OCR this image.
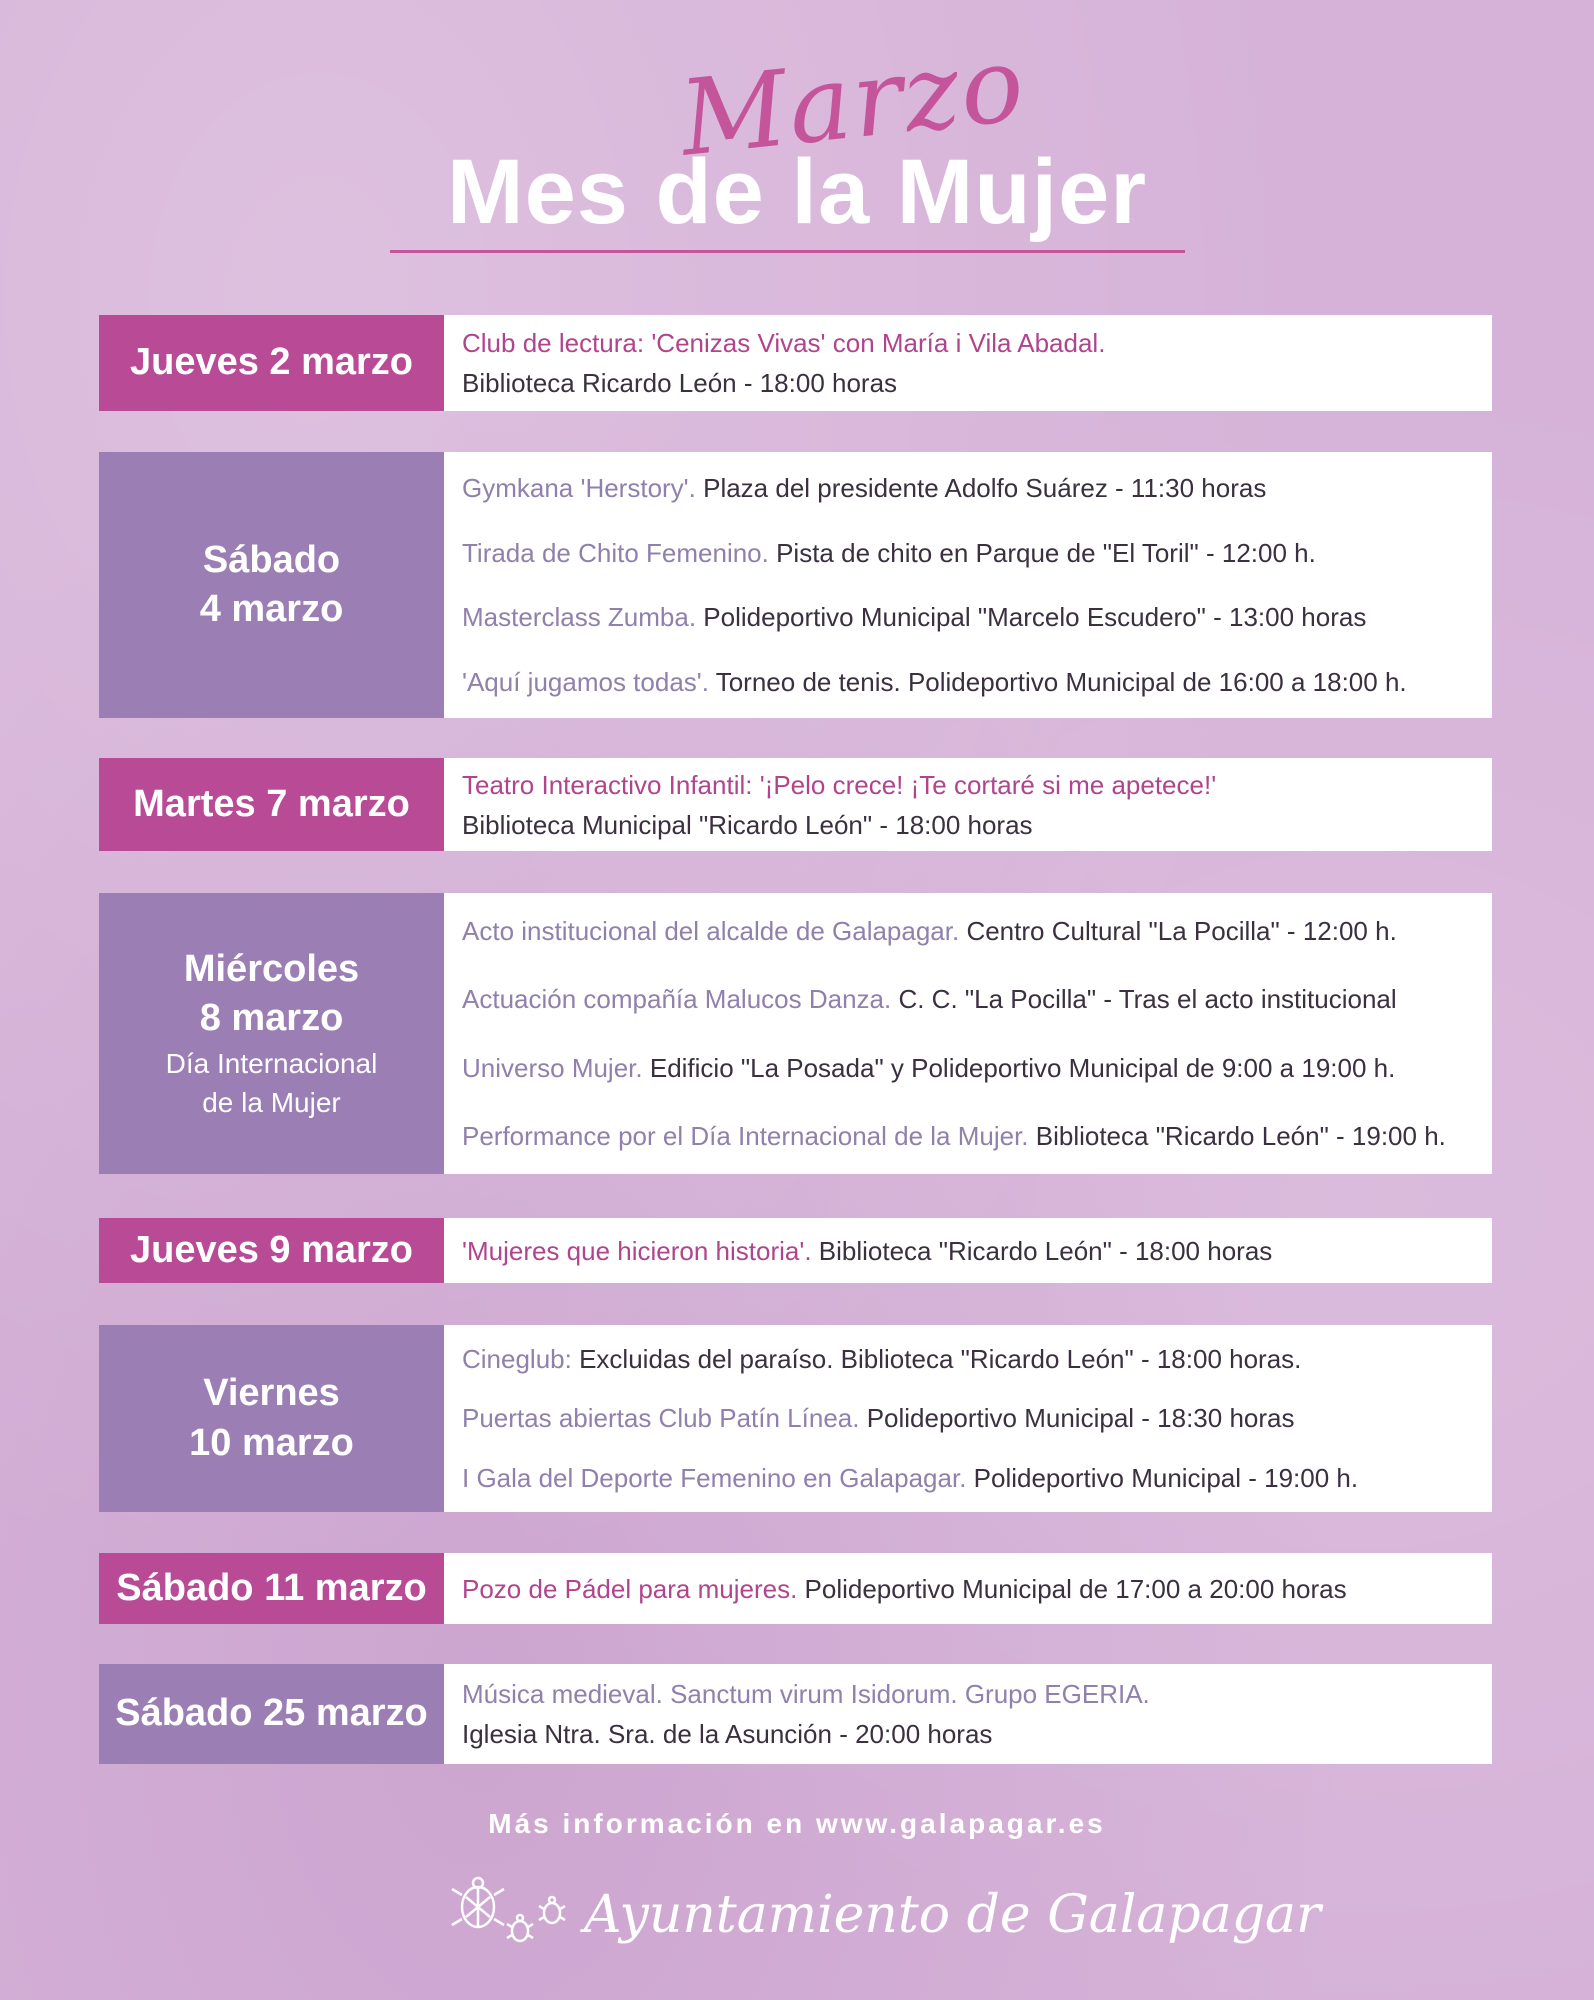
Marzo
Mes de la Mujer
Jueves 2 marzo Club de lectura: 'Cenizas Vivas' con María i Vila Abadal.
Biblioteca Ricardo León - 18:00 horas
Sábado
4 marzo
Gymkana 'Herstory'. Plaza del presidente Adolfo Suárez - 11:30 horas
Tirada de Chito Femenino. Pista de chito en Parque de "El Toril" - 12:00 h.
Masterclass Zumba. Polideportivo Municipal "Marcelo Escudero" - 13:00 horas
'Aquí jugamos todas'. Torneo de tenis. Polideportivo Municipal de 16:00 a 18:00 h.
Martes 7 marzo Teatro Interactivo Infantil: '¡Pelo crece! ¡Te cortaré si me apetece!'
Biblioteca Municipal "Ricardo León" - 18:00 horas
Miércoles
8 marzo
Día Internacional
de la Mujer
Acto institucional del alcalde de Galapagar. Centro Cultural "La Pocilla" - 12:00 h.
Actuación compañía Malucos Danza. C. C. "La Pocilla" - Tras el acto institucional
Universo Mujer. Edificio "La Posada" y Polideportivo Municipal de 9:00 a 19:00 h.
Performance por el Día Internacional de la Mujer. Biblioteca "Ricardo León" - 19:00 h.
Jueves 9 marzo 'Mujeres que hicieron historia'. Biblioteca "Ricardo León" - 18:00 horas
Viernes
10 marzo
Cineglub: Excluidas del paraíso. Biblioteca "Ricardo León" - 18:00 horas.
Puertas abiertas Club Patín Línea. Polideportivo Municipal - 18:30 horas
I Gala del Deporte Femenino en Galapagar. Polideportivo Municipal - 19:00 h.
Sábado 11 marzo Pozo de Pádel para mujeres. Polideportivo Municipal de 17:00 a 20:00 horas
Sábado 25 marzo Música medieval. Sanctum virum Isidorum. Grupo EGERIA.
Iglesia Ntra. Sra. de la Asunción - 20:00 horas
Más información en www.galapagar.es
Ayuntamiento de Galapagar
